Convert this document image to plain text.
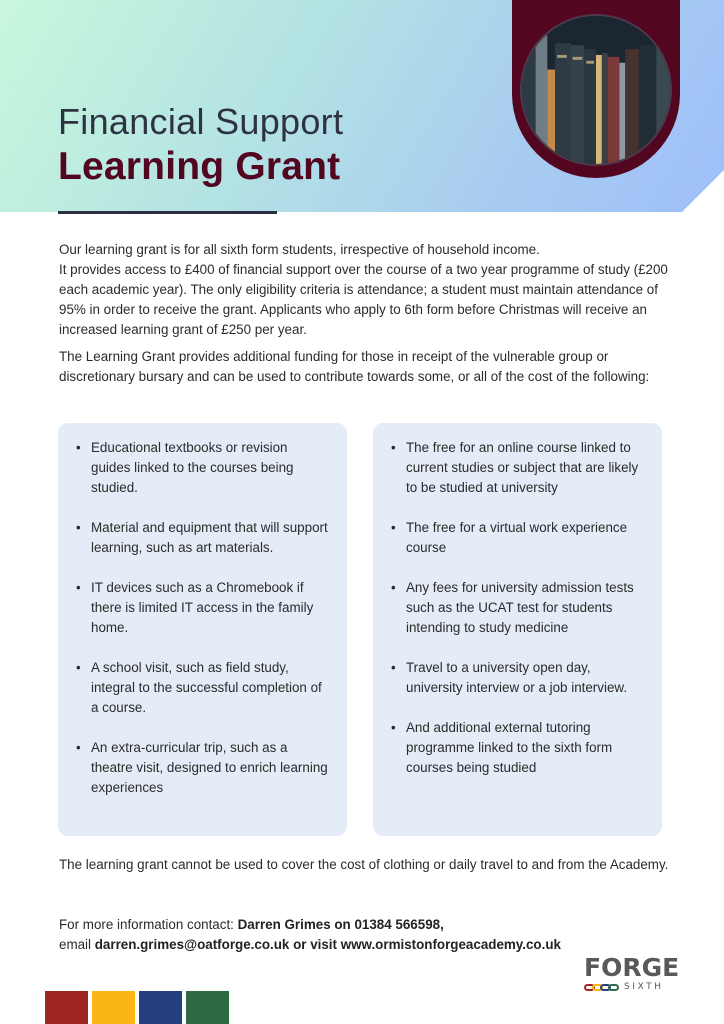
Financial Support
Learning Grant
Our learning grant is for all sixth form students, irrespective of household income.
It provides access to £400 of financial support over the course of a two year programme of study (£200 each academic year). The only eligibility criteria is attendance; a student must maintain attendance of 95% in order to receive the grant. Applicants who apply to 6th form before Christmas will receive an increased learning grant of £250 per year.
The Learning Grant provides additional funding for those in receipt of the vulnerable group or discretionary bursary and can be used to contribute towards some, or all of the cost of the following:
• Educational textbooks or revision guides linked to the courses being studied.
• Material and equipment that will support learning, such as art materials.
• IT devices such as a Chromebook if there is limited IT access in the family home.
• A school visit, such as field study, integral to the successful completion of a course.
• An extra-curricular trip, such as a theatre visit, designed to enrich learning experiences
• The free for an online course linked to current studies or subject that are likely to be studied at university
• The free for a virtual work experience course
• Any fees for university admission tests such as the UCAT test for students intending to study medicine
• Travel to a university open day, university interview or a job interview.
• And additional external tutoring programme linked to the sixth form courses being studied
The learning grant cannot be used to cover the cost of clothing or daily travel to and from the Academy.
For more information contact: Darren Grimes on 01384 566598,
email darren.grimes@oatforge.co.uk or visit www.ormistonforgeacademy.co.uk
FORGE
SIXTH
